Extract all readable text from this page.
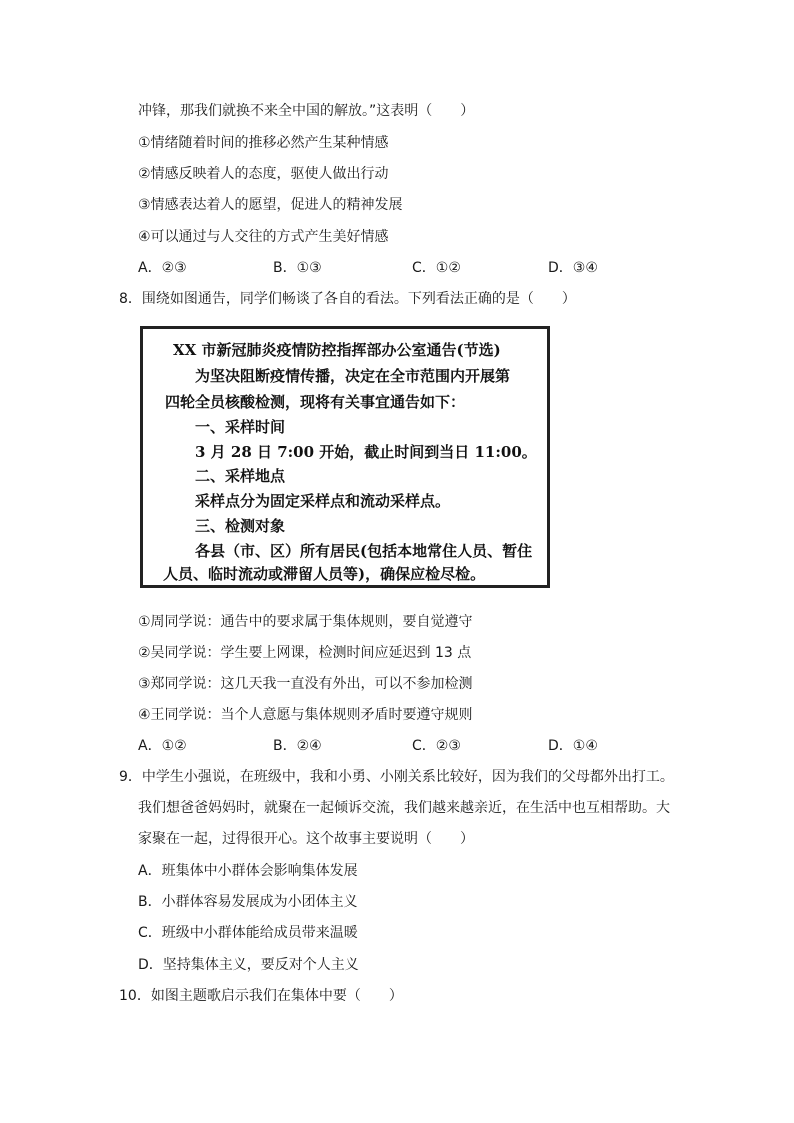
冲锋，那我们就换不来全中国的解放。”这表明（　　）
①情绪随着时间的推移必然产生某种情感
②情感反映着人的态度，驱使人做出行动
③情感表达着人的愿望，促进人的精神发展
④可以通过与人交往的方式产生美好情感
A．②③	B．①③	C．①②	D．③④
8．围绕如图通告，同学们畅谈了各自的看法。下列看法正确的是（　　）
XX 市新冠肺炎疫情防控指挥部办公室通告(节选)
为坚决阻断疫情传播，决定在全市范围内开展第
四轮全员核酸检测，现将有关事宜通告如下：
一、采样时间
3 月 28 日 7:00 开始，截止时间到当日 11:00。
二、采样地点
采样点分为固定采样点和流动采样点。
三、检测对象
各县（市、区）所有居民(包括本地常住人员、暂住
人员、临时流动或滞留人员等)，确保应检尽检。
①周同学说：通告中的要求属于集体规则，要自觉遵守
②吴同学说：学生要上网课，检测时间应延迟到 13 点
③郑同学说：这几天我一直没有外出，可以不参加检测
④王同学说：当个人意愿与集体规则矛盾时要遵守规则
A．①②	B．②④	C．②③	D．①④
9．中学生小强说，在班级中，我和小勇、小刚关系比较好，因为我们的父母都外出打工。
我们想爸爸妈妈时，就聚在一起倾诉交流，我们越来越亲近，在生活中也互相帮助。大
家聚在一起，过得很开心。这个故事主要说明（　　）
A．班集体中小群体会影响集体发展
B．小群体容易发展成为小团体主义
C．班级中小群体能给成员带来温暖
D．坚持集体主义，要反对个人主义
10．如图主题歌启示我们在集体中要（　　）
